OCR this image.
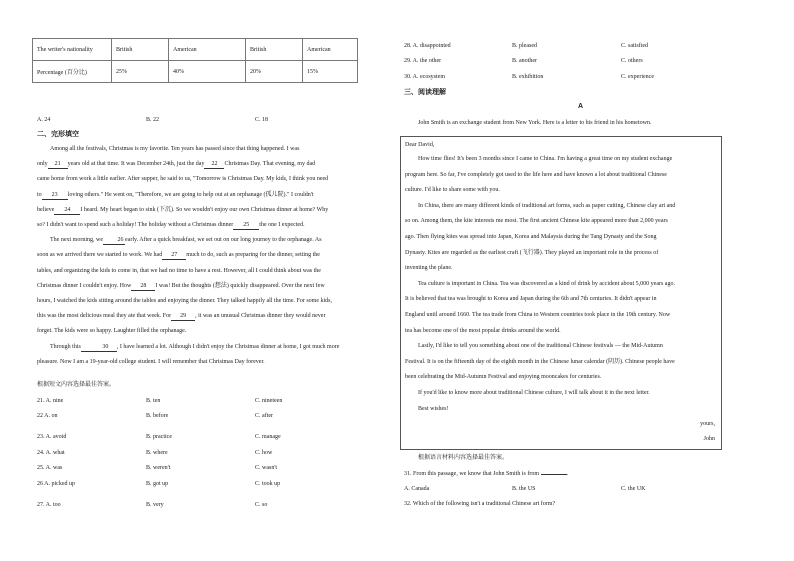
The writer's nationality	British	American	British	American
Percentage (百分比)	25%	40%	20%	15%
A. 24	B. 22	C. 18
二、完形填空
Among all the festivals, Christmas is my favorite. Ten years has passed since that thing happened. I was
only 21 years old at that time. It was December 24th, just the day 22 Christmas Day. That evening, my dad
came home from work a little earlier. After supper, he said to us, "Tomorrow is Christmas Day. My kids, I think you need
to 23 loving others." He went on, "Therefore, we are going to help out at an orphanage (孤儿院)." I couldn't
believe 24 I heard. My heart began to sink (下沉). So we wouldn't enjoy our own Christmas dinner at home? Why
so? I didn't want to spend such a holiday! The holiday without a Christmas dinner 25 the one I expected.
The next morning, we 26 early. After a quick breakfast, we set out on our long journey to the orphanage. As
soon as we arrived there we started to work. We had 27 much to do, such as preparing for the dinner, setting the
tables, and organizing the kids to come in, that we had no time to have a rest. However, all I could think about was the
Christmas dinner I couldn't enjoy. How 28 I was! But the thoughts (想法) quickly disappeared. Over the next few
hours, I watched the kids sitting around the tables and enjoying the dinner. They talked happily all the time. For some kids,
this was the most delicious meal they ate that week. For 29 , it was an unusual Christmas dinner they would never
forget. The kids were so happy. Laughter filled the orphanage.
Through this	30 , I have learned a lot. Although I didn't enjoy the Christmas dinner at home, I got much more
pleasure. Now I am a 19-year-old college student. I will remember that Christmas Day forever.
根据短文内容选择最佳答案。
21. A. nine	B. ten	C. nineteen
22 A. on	B. before	C. after
23. A. avoid	B. practice	C. manage
24. A. what	B. where	C. how
25. A. was	B. weren't	C. wasn't
26 A. picked up	B. got up	C. took up
27. A. too	B. very	C. so
28. A. disappointed	B. pleased	C. satisfied
29. A. the other	B. another	C. others
30. A. ecosystem	B. exhibition	C. experience
三、阅读理解
A
John Smith is an exchange student from New York. Here is a letter to his friend in his hometown.
Dear David,
How time flies! It's been 3 months since I came to China. I'm having a great time on my student exchange
program here. So far, I've completely got used to the life here and have known a lot about traditional Chinese
culture. I'd like to share some with you.
In China, there are many different kinds of traditional art forms, such as paper cutting, Chinese clay art and
so on. Among them, the kite interests me most. The first ancient Chinese kite appeared more than 2,000 years
ago. Then flying kites was spread into Japan, Korea and Malaysia during the Tang Dynasty and the Song
Dynasty. Kites are regarded as the earliest craft (飞行器). They played an important role in the process of
inventing the plane.
Tea culture is important in China. Tea was discovered as a kind of drink by accident about 5,000 years ago.
It is believed that tea was brought to Korea and Japan during the 6th and 7th centuries. It didn't appear in
England until around 1660. The tea trade from China to Western countries took place in the 19th century. Now
tea has become one of the most popular drinks around the world.
Lastly, I'd like to tell you something about one of the traditional Chinese festivals — the Mid-Autumn
Festival. It is on the fifteenth day of the eighth month in the Chinese lunar calendar (阴历). Chinese people have
been celebrating the Mid-Autumn Festival and enjoying mooncakes for centuries.
If you'd like to know more about traditional Chinese culture, I will talk about it in the next letter.
Best wishes!
yours,
John
根据语言材料内容选择最佳答案。
31. From this passage, we know that John Smith is from	.
A. Canada	B. the US	C. the UK
32. Which of the following isn't a traditional Chinese art form?
